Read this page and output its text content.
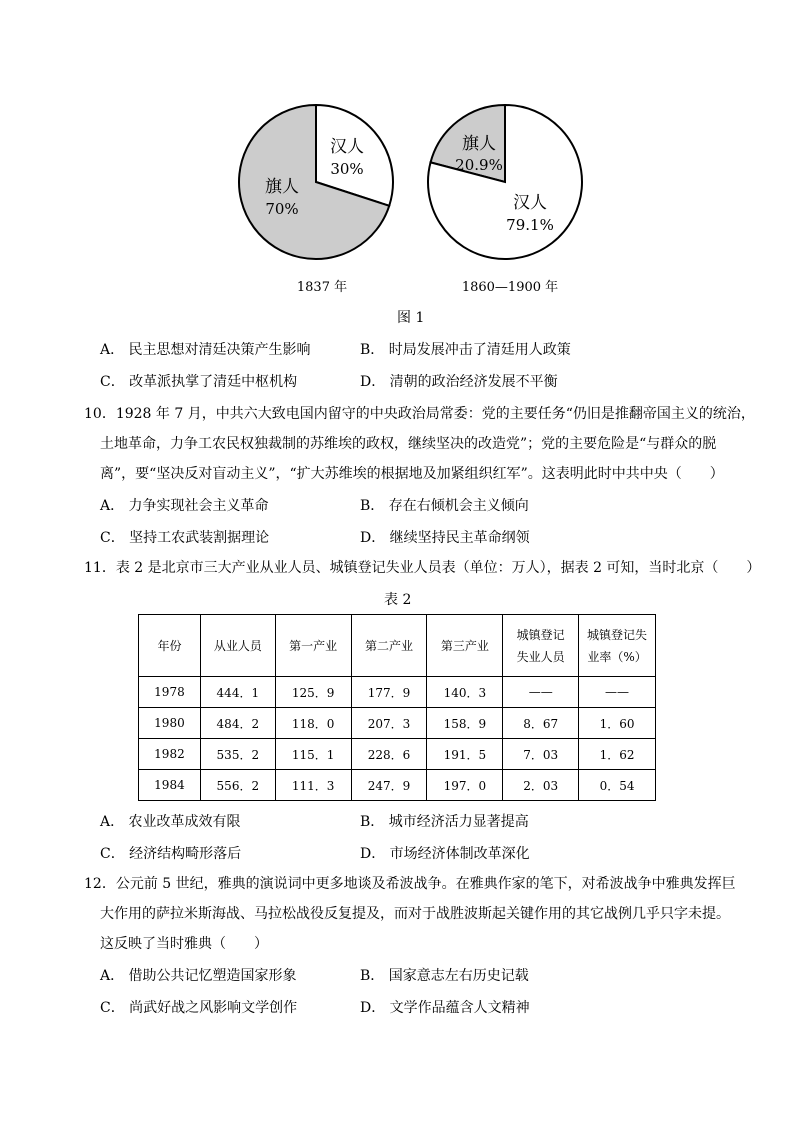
汉人
30%
旗人
70%
旗人
20.9%
汉人
79.1%
1837 年	1860—1900 年
图 1
A． 民主思想对清廷决策产生影响	B． 时局发展冲击了清廷用人政策
C． 改革派执掌了清廷中枢机构	D． 清朝的政治经济发展不平衡
10．1928 年 7 月，中共六大致电国内留守的中央政治局常委：党的主要任务“仍旧是推翻帝国主义的统治，
土地革命，力争工农民权独裁制的苏维埃的政权，继续坚决的改造党”；党的主要危险是“与群众的脱
离”，要“坚决反对盲动主义”，“扩大苏维埃的根据地及加紧组织红军”。这表明此时中共中央（　　）
A． 力争实现社会主义革命	B． 存在右倾机会主义倾向
C． 坚持工农武装割据理论	D． 继续坚持民主革命纲领
11．表 2 是北京市三大产业从业人员、城镇登记失业人员表（单位：万人），据表 2 可知，当时北京（　　）
表 2
年份	从业人员	第一产业	第二产业	第三产业	城镇登记
失业人员	城镇登记失
业率（%）
1978	444．1	125．9	177．9	140．3	——	——
1980	484．2	118．0	207．3	158．9	8．67	1．60
1982	535．2	115．1	228．6	191．5	7．03	1．62
1984	556．2	111．3	247．9	197．0	2．03	0．54
A． 农业改革成效有限	B． 城市经济活力显著提高
C． 经济结构畸形落后	D． 市场经济体制改革深化
12．公元前 5 世纪，雅典的演说词中更多地谈及希波战争。在雅典作家的笔下，对希波战争中雅典发挥巨
大作用的萨拉米斯海战、马拉松战役反复提及，而对于战胜波斯起关键作用的其它战例几乎只字未提。
这反映了当时雅典（　　）
A． 借助公共记忆塑造国家形象	B． 国家意志左右历史记载
C． 尚武好战之风影响文学创作	D． 文学作品蕴含人文精神
